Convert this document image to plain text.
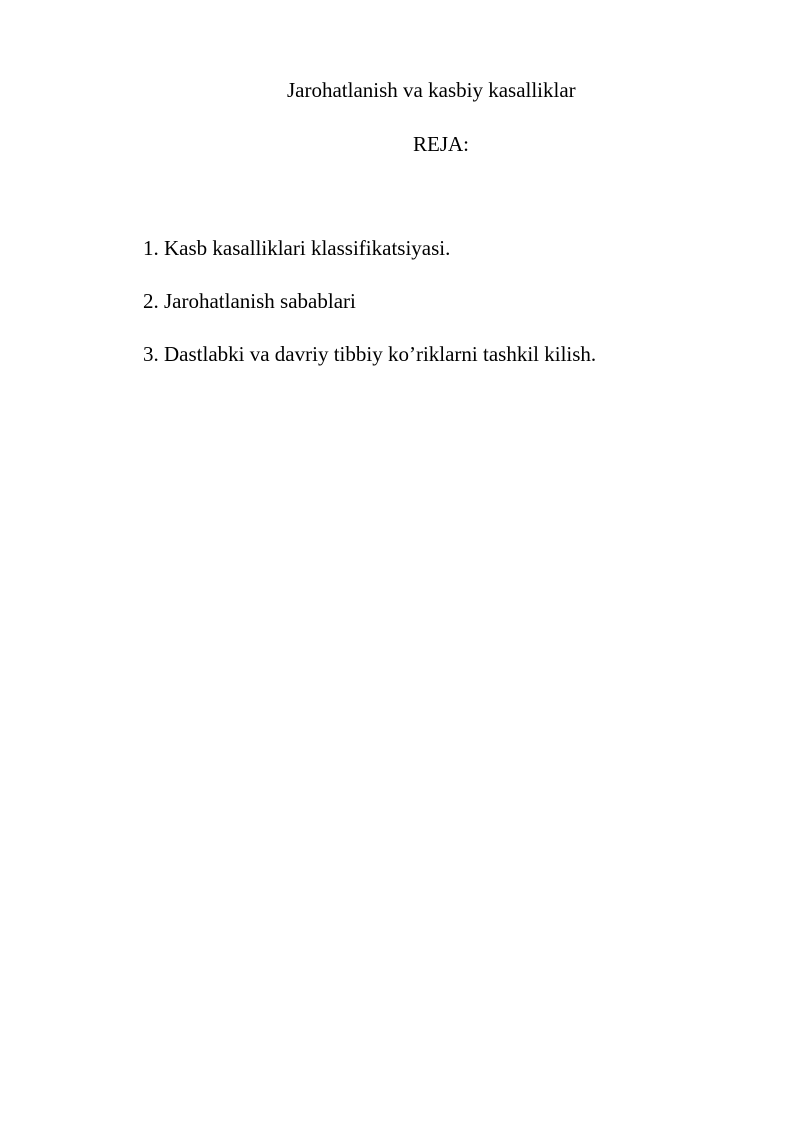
Jarohatlanish va kasbiy kasalliklar
REJA:
1. Kasb kasalliklari klassifikatsiyasi.
2. Jarohatlanish sabablari
3. Dastlabki va davriy tibbiy ko’riklarni tashkil kilish.
